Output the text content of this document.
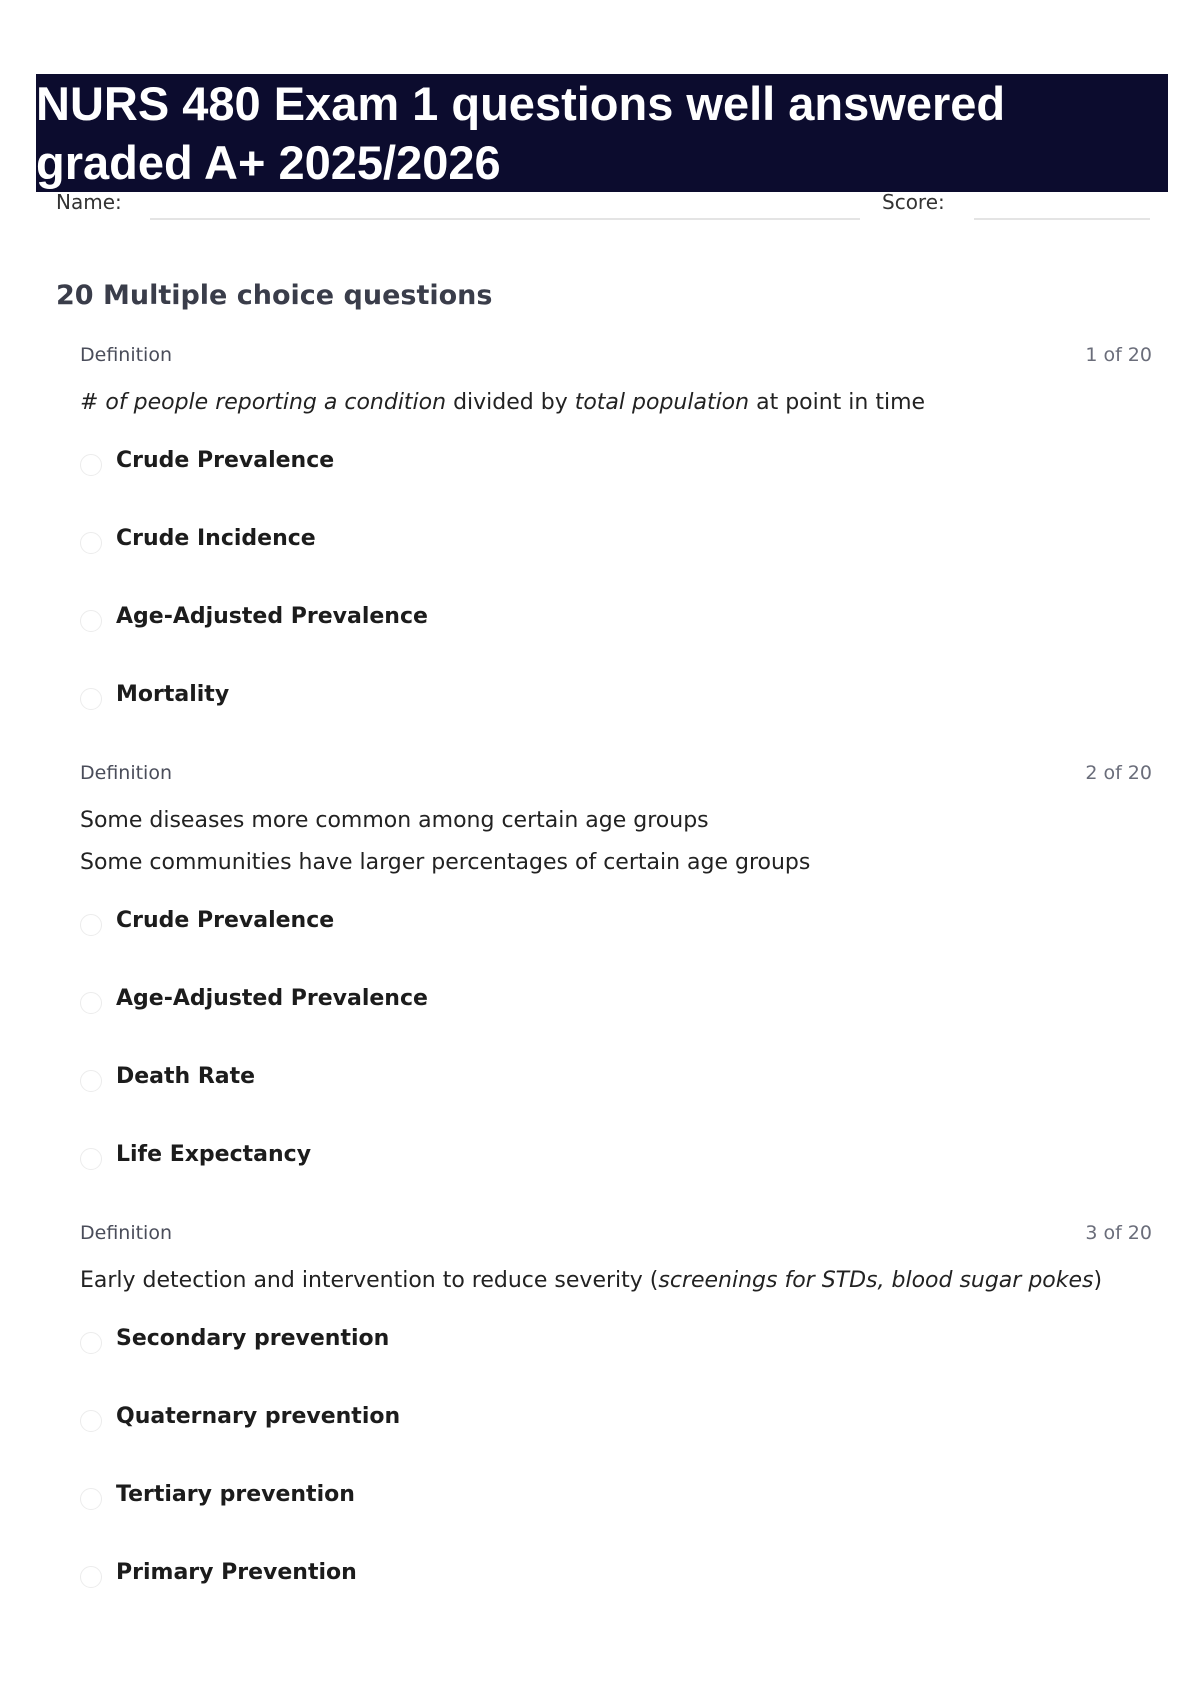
NURS 480 Exam 1 questions well answered graded A+ 2025/2026
Name:	Score:
20 Multiple choice questions
Definition	1 of 20
# of people reporting a condition divided by total population at point in time
Crude Prevalence
Crude Incidence
Age-Adjusted Prevalence
Mortality
Definition	2 of 20
Some diseases more common among certain age groups
Some communities have larger percentages of certain age groups
Crude Prevalence
Age-Adjusted Prevalence
Death Rate
Life Expectancy
Definition	3 of 20
Early detection and intervention to reduce severity (screenings for STDs, blood sugar pokes)
Secondary prevention
Quaternary prevention
Tertiary prevention
Primary Prevention
